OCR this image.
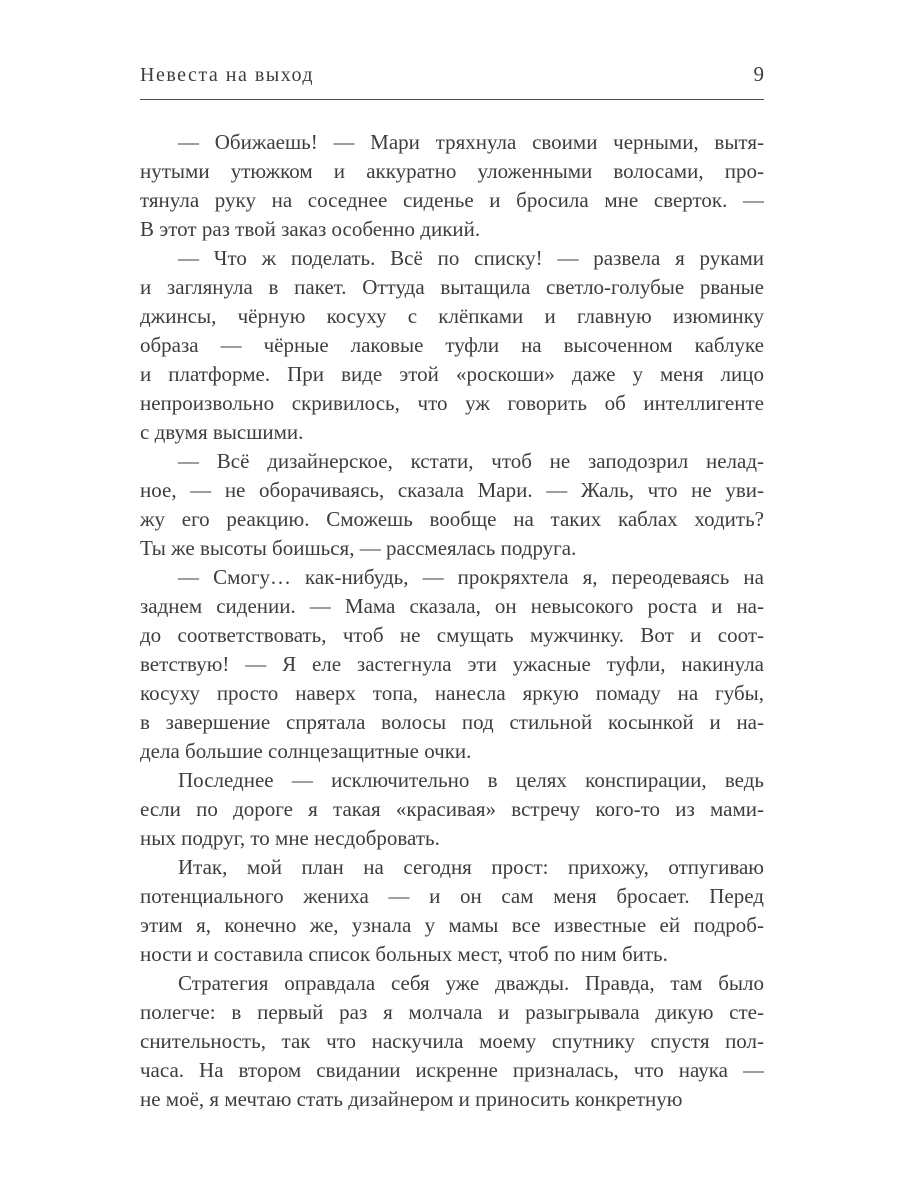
Невеста на выход	9
— Обижаешь! — Мари тряхнула своими черными, вытя-
нутыми утюжком и аккуратно уложенными волосами, про-
тянула руку на соседнее сиденье и бросила мне сверток. —
В этот раз твой заказ особенно дикий.
— Что ж поделать. Всё по списку! — развела я руками
и заглянула в пакет. Оттуда вытащила светло-голубые рваные
джинсы, чёрную косуху с клёпками и главную изюминку
образа — чёрные лаковые туфли на высоченном каблуке
и платформе. При виде этой «роскоши» даже у меня лицо
непроизвольно скривилось, что уж говорить об интеллигенте
с двумя высшими.
— Всё дизайнерское, кстати, чтоб не заподозрил нелад-
ное, — не оборачиваясь, сказала Мари. — Жаль, что не уви-
жу его реакцию. Сможешь вообще на таких каблах ходить?
Ты же высоты боишься, — рассмеялась подруга.
— Смогу… как-нибудь, — прокряхтела я, переодеваясь на
заднем сидении. — Мама сказала, он невысокого роста и на-
до соответствовать, чтоб не смущать мужчинку. Вот и соот-
ветствую! — Я еле застегнула эти ужасные туфли, накинула
косуху просто наверх топа, нанесла яркую помаду на губы,
в завершение спрятала волосы под стильной косынкой и на-
дела большие солнцезащитные очки.
Последнее — исключительно в целях конспирации, ведь
если по дороге я такая «красивая» встречу кого-то из мами-
ных подруг, то мне несдобровать.
Итак, мой план на сегодня прост: прихожу, отпугиваю
потенциального жениха — и он сам меня бросает. Перед
этим я, конечно же, узнала у мамы все известные ей подроб-
ности и составила список больных мест, чтоб по ним бить.
Стратегия оправдала себя уже дважды. Правда, там было
полегче: в первый раз я молчала и разыгрывала дикую сте-
снительность, так что наскучила моему спутнику спустя пол-
часа. На втором свидании искренне призналась, что наука —
не моё, я мечтаю стать дизайнером и приносить конкретную
